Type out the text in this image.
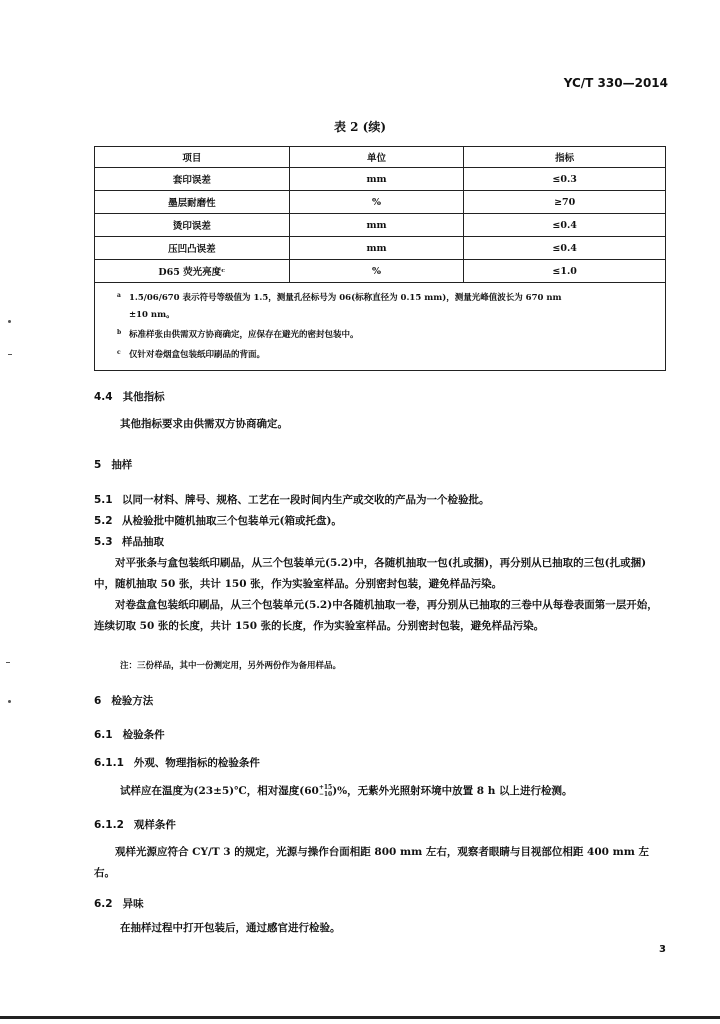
YC/T 330—2014
表 2 (续)
项目	单位	指标
套印误差	mm	≤0.3
墨层耐磨性	%	≥70
烫印误差	mm	≤0.4
压凹凸误差	mm	≤0.4
D65 荧光亮度ᶜ	%	≤1.0

a 1.5/06/670 表示符号等级值为 1.5，测量孔径标号为 06(标称直径为 0.15 mm)，测量光峰值波长为 670 nm
±10 nm。
b 标准样张由供需双方协商确定，应保存在避光的密封包装中。
c 仅针对卷烟盒包装纸印刷品的背面。		
4.4 其他指标
其他指标要求由供需双方协商确定。
5 抽样
5.1 以同一材料、牌号、规格、工艺在一段时间内生产或交收的产品为一个检验批。
5.2 从检验批中随机抽取三个包装单元(箱或托盘)。
5.3 样品抽取
对平张条与盒包装纸印刷品，从三个包装单元(5.2)中，各随机抽取一包(扎或捆)，再分别从已抽取的三包(扎或捆)中，随机抽取 50 张，共计 150 张，作为实验室样品。分别密封包装，避免样品污染。
对卷盘盒包装纸印刷品，从三个包装单元(5.2)中各随机抽取一卷，再分别从已抽取的三卷中从每卷表面第一层开始，连续切取 50 张的长度，共计 150 张的长度，作为实验室样品。分别密封包装，避免样品污染。
注：三份样品，其中一份测定用，另外两份作为备用样品。
6 检验方法
6.1 检验条件
6.1.1 外观、物理指标的检验条件
试样应在温度为(23±5)℃，相对湿度(60 +15
−10 )%，无紫外光照射环境中放置 8 h 以上进行检测。
6.1.2 观样条件
观样光源应符合 CY/T 3 的规定，光源与操作台面相距 800 mm 左右，观察者眼睛与目视部位相距 400 mm 左右。
6.2 异味
在抽样过程中打开包装后，通过感官进行检验。
3
